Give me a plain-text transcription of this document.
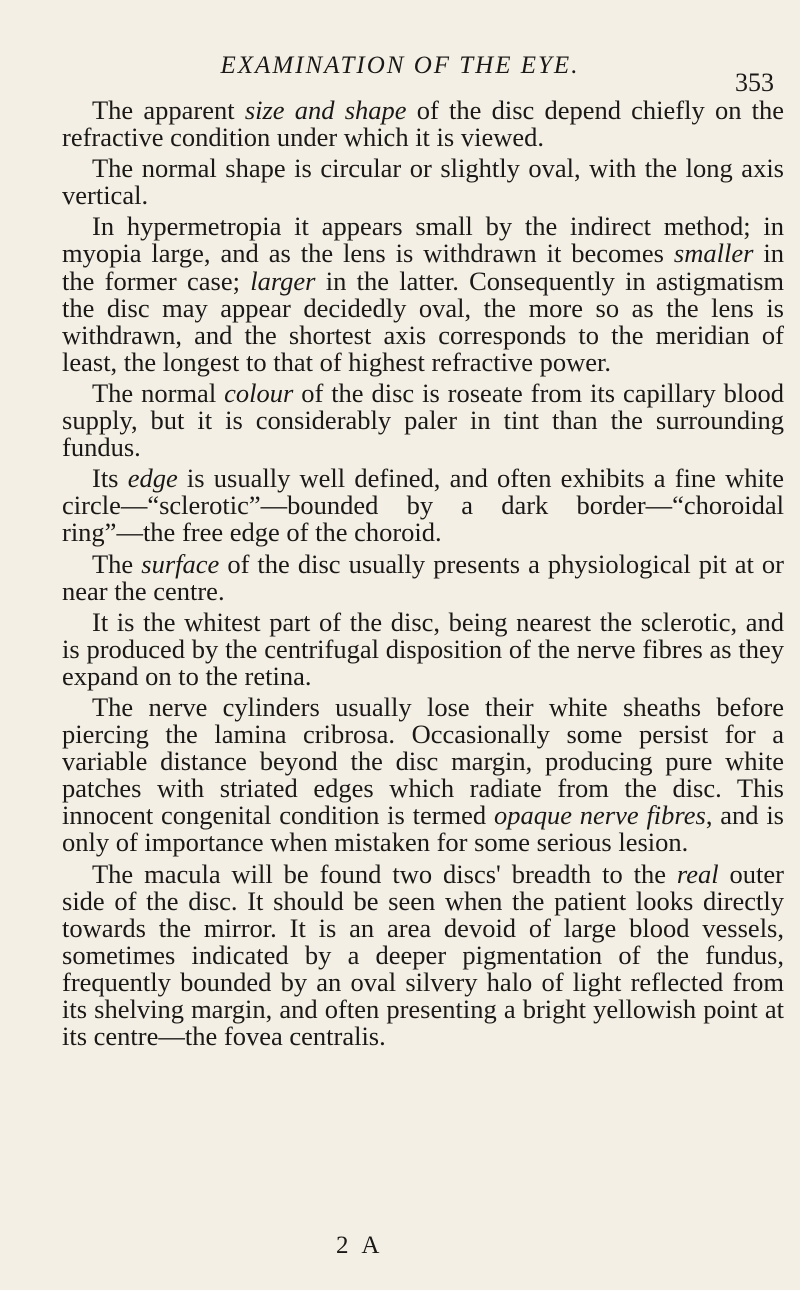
EXAMINATION OF THE EYE.
353

The apparent size and shape of the disc depend chiefly on the refractive condition under which it is viewed.

The normal shape is circular or slightly oval, with the long axis vertical.

In hypermetropia it appears small by the indirect method; in myopia large, and as the lens is withdrawn it becomes smaller in the former case; larger in the latter. Consequently in astigmatism the disc may appear decidedly oval, the more so as the lens is withdrawn, and the shortest axis corresponds to the meridian of least, the longest to that of highest refractive power.

The normal colour of the disc is roseate from its capillary blood supply, but it is considerably paler in tint than the surrounding fundus.

Its edge is usually well defined, and often exhibits a fine white circle—“sclerotic”—bounded by a dark border—“choroidal ring”—the free edge of the choroid.

The surface of the disc usually presents a physiological pit at or near the centre.

It is the whitest part of the disc, being nearest the sclerotic, and is produced by the centrifugal disposition of the nerve fibres as they expand on to the retina.

The nerve cylinders usually lose their white sheaths before piercing the lamina cribrosa. Occasionally some persist for a variable distance beyond the disc margin, producing pure white patches with striated edges which radiate from the disc. This innocent congenital condition is termed opaque nerve fibres, and is only of importance when mistaken for some serious lesion.

The macula will be found two discs' breadth to the real outer side of the disc. It should be seen when the patient looks directly towards the mirror. It is an area devoid of large blood vessels, sometimes indicated by a deeper pigmentation of the fundus, frequently bounded by an oval silvery halo of light reflected from its shelving margin, and often presenting a bright yellowish point at its centre—the fovea centralis.

2 A
